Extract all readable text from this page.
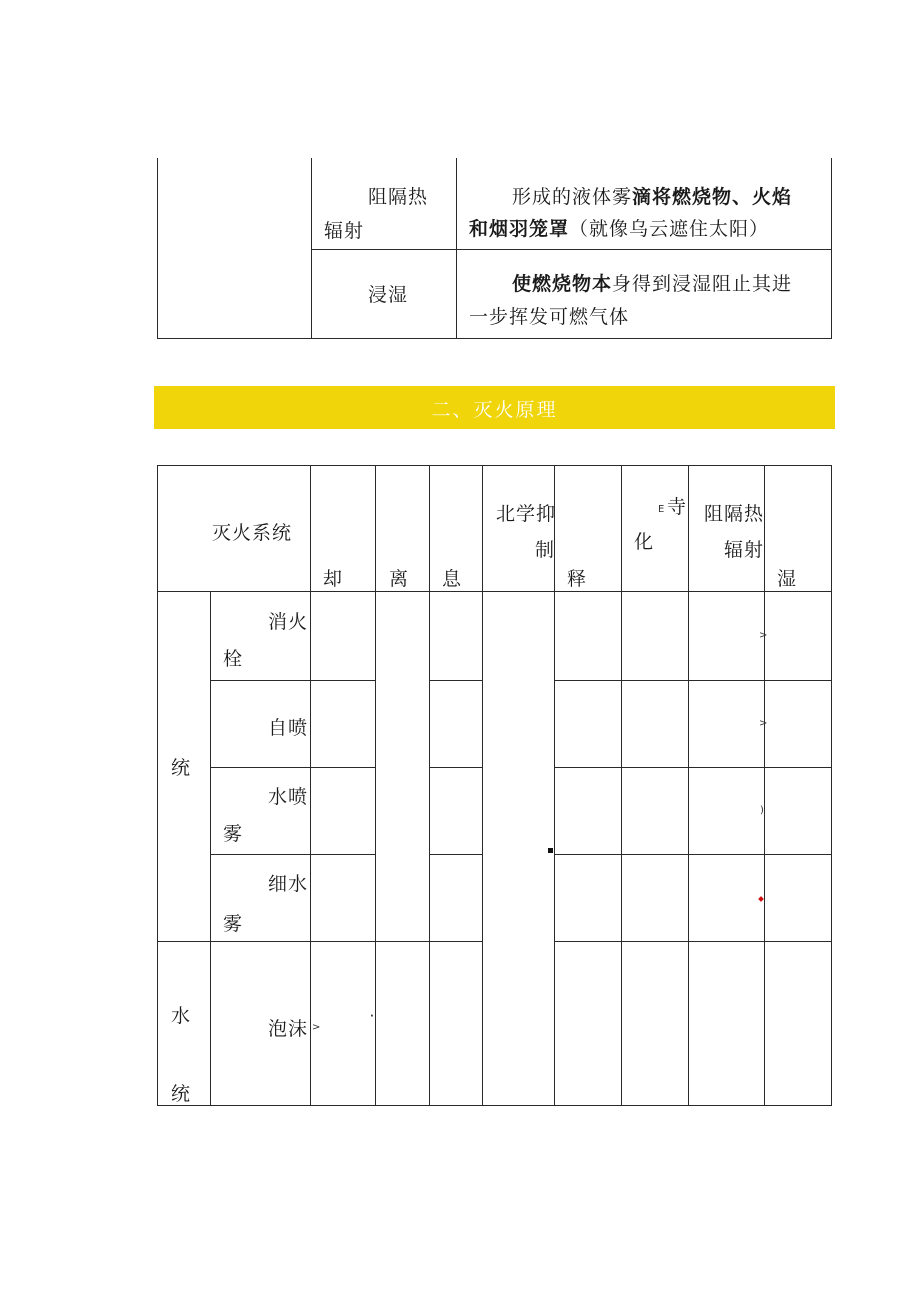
阻隔热
辐射
形成的液体雾滴将燃烧物、火焰
和烟羽笼罩（就像乌云遮住太阳）
浸湿	使燃烧物本身得到浸湿阻止其进
一步挥发可燃气体
二、灭火原理
灭火系统
却 离 息
北学抑
制
释
E 寺
化
阻隔热
辐射
湿
统
水
统
消火
栓
自喷
水喷
雾
细水
雾
泡沫
>
>
)
>
·
